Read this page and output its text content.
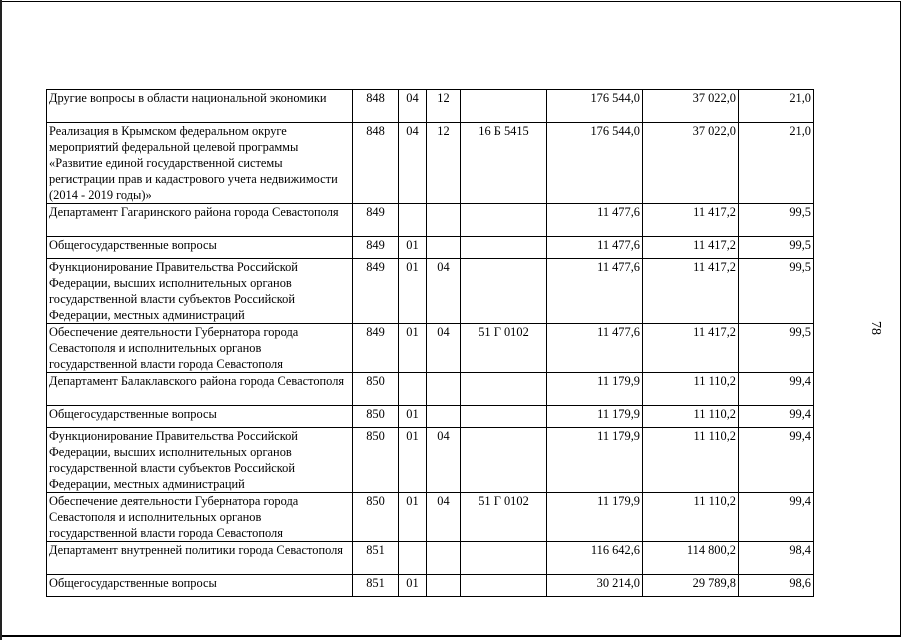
78
Другие вопросы в области национальной экономики	848	04	12		176 544,0	37 022,0	21,0
Реализация в Крымском федеральном округе мероприятий федеральной целевой программы «Развитие единой государственной системы регистрации прав и кадастрового учета недвижимости (2014 - 2019 годы)»	848	04	12	16 Б 5415	176 544,0	37 022,0	21,0
Департамент Гагаринского района города Севастополя	849				11 477,6	11 417,2	99,5
Общегосударственные вопросы	849	01			11 477,6	11 417,2	99,5
Функционирование Правительства Российской Федерации, высших исполнительных органов государственной власти субъектов Российской Федерации, местных администраций	849	01	04		11 477,6	11 417,2	99,5
Обеспечение деятельности Губернатора города Севастополя и исполнительных органов государственной власти города Севастополя	849	01	04	51 Г 0102	11 477,6	11 417,2	99,5
Департамент Балаклавского района города Севастополя	850				11 179,9	11 110,2	99,4
Общегосударственные вопросы	850	01			11 179,9	11 110,2	99,4
Функционирование Правительства Российской Федерации, высших исполнительных органов государственной власти субъектов Российской Федерации, местных администраций	850	01	04		11 179,9	11 110,2	99,4
Обеспечение деятельности Губернатора города Севастополя и исполнительных органов государственной власти города Севастополя	850	01	04	51 Г 0102	11 179,9	11 110,2	99,4
Департамент внутренней политики города Севастополя	851				116 642,6	114 800,2	98,4
Общегосударственные вопросы	851	01			30 214,0	29 789,8	98,6
